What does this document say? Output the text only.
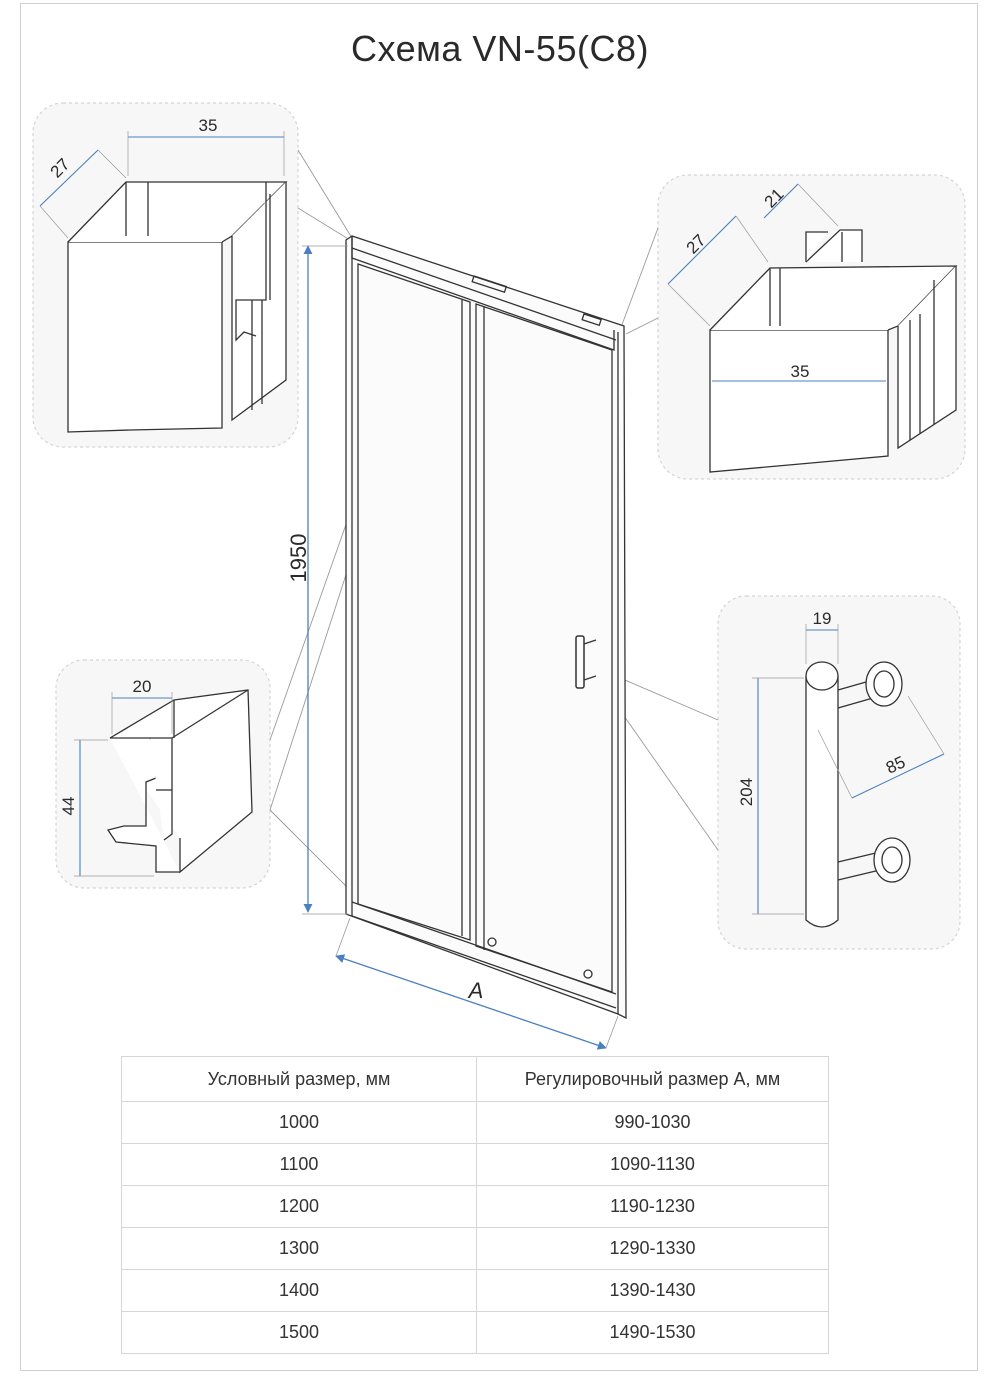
Схема VN-55(С8)
1950
A
35
27
35
27
21
20
44
19
204
85
Условный размер, мм	Регулировочный размер А, мм
1000	990-1030
1100	1090-1130
1200	1190-1230
1300	1290-1330
1400	1390-1430
1500	1490-1530
